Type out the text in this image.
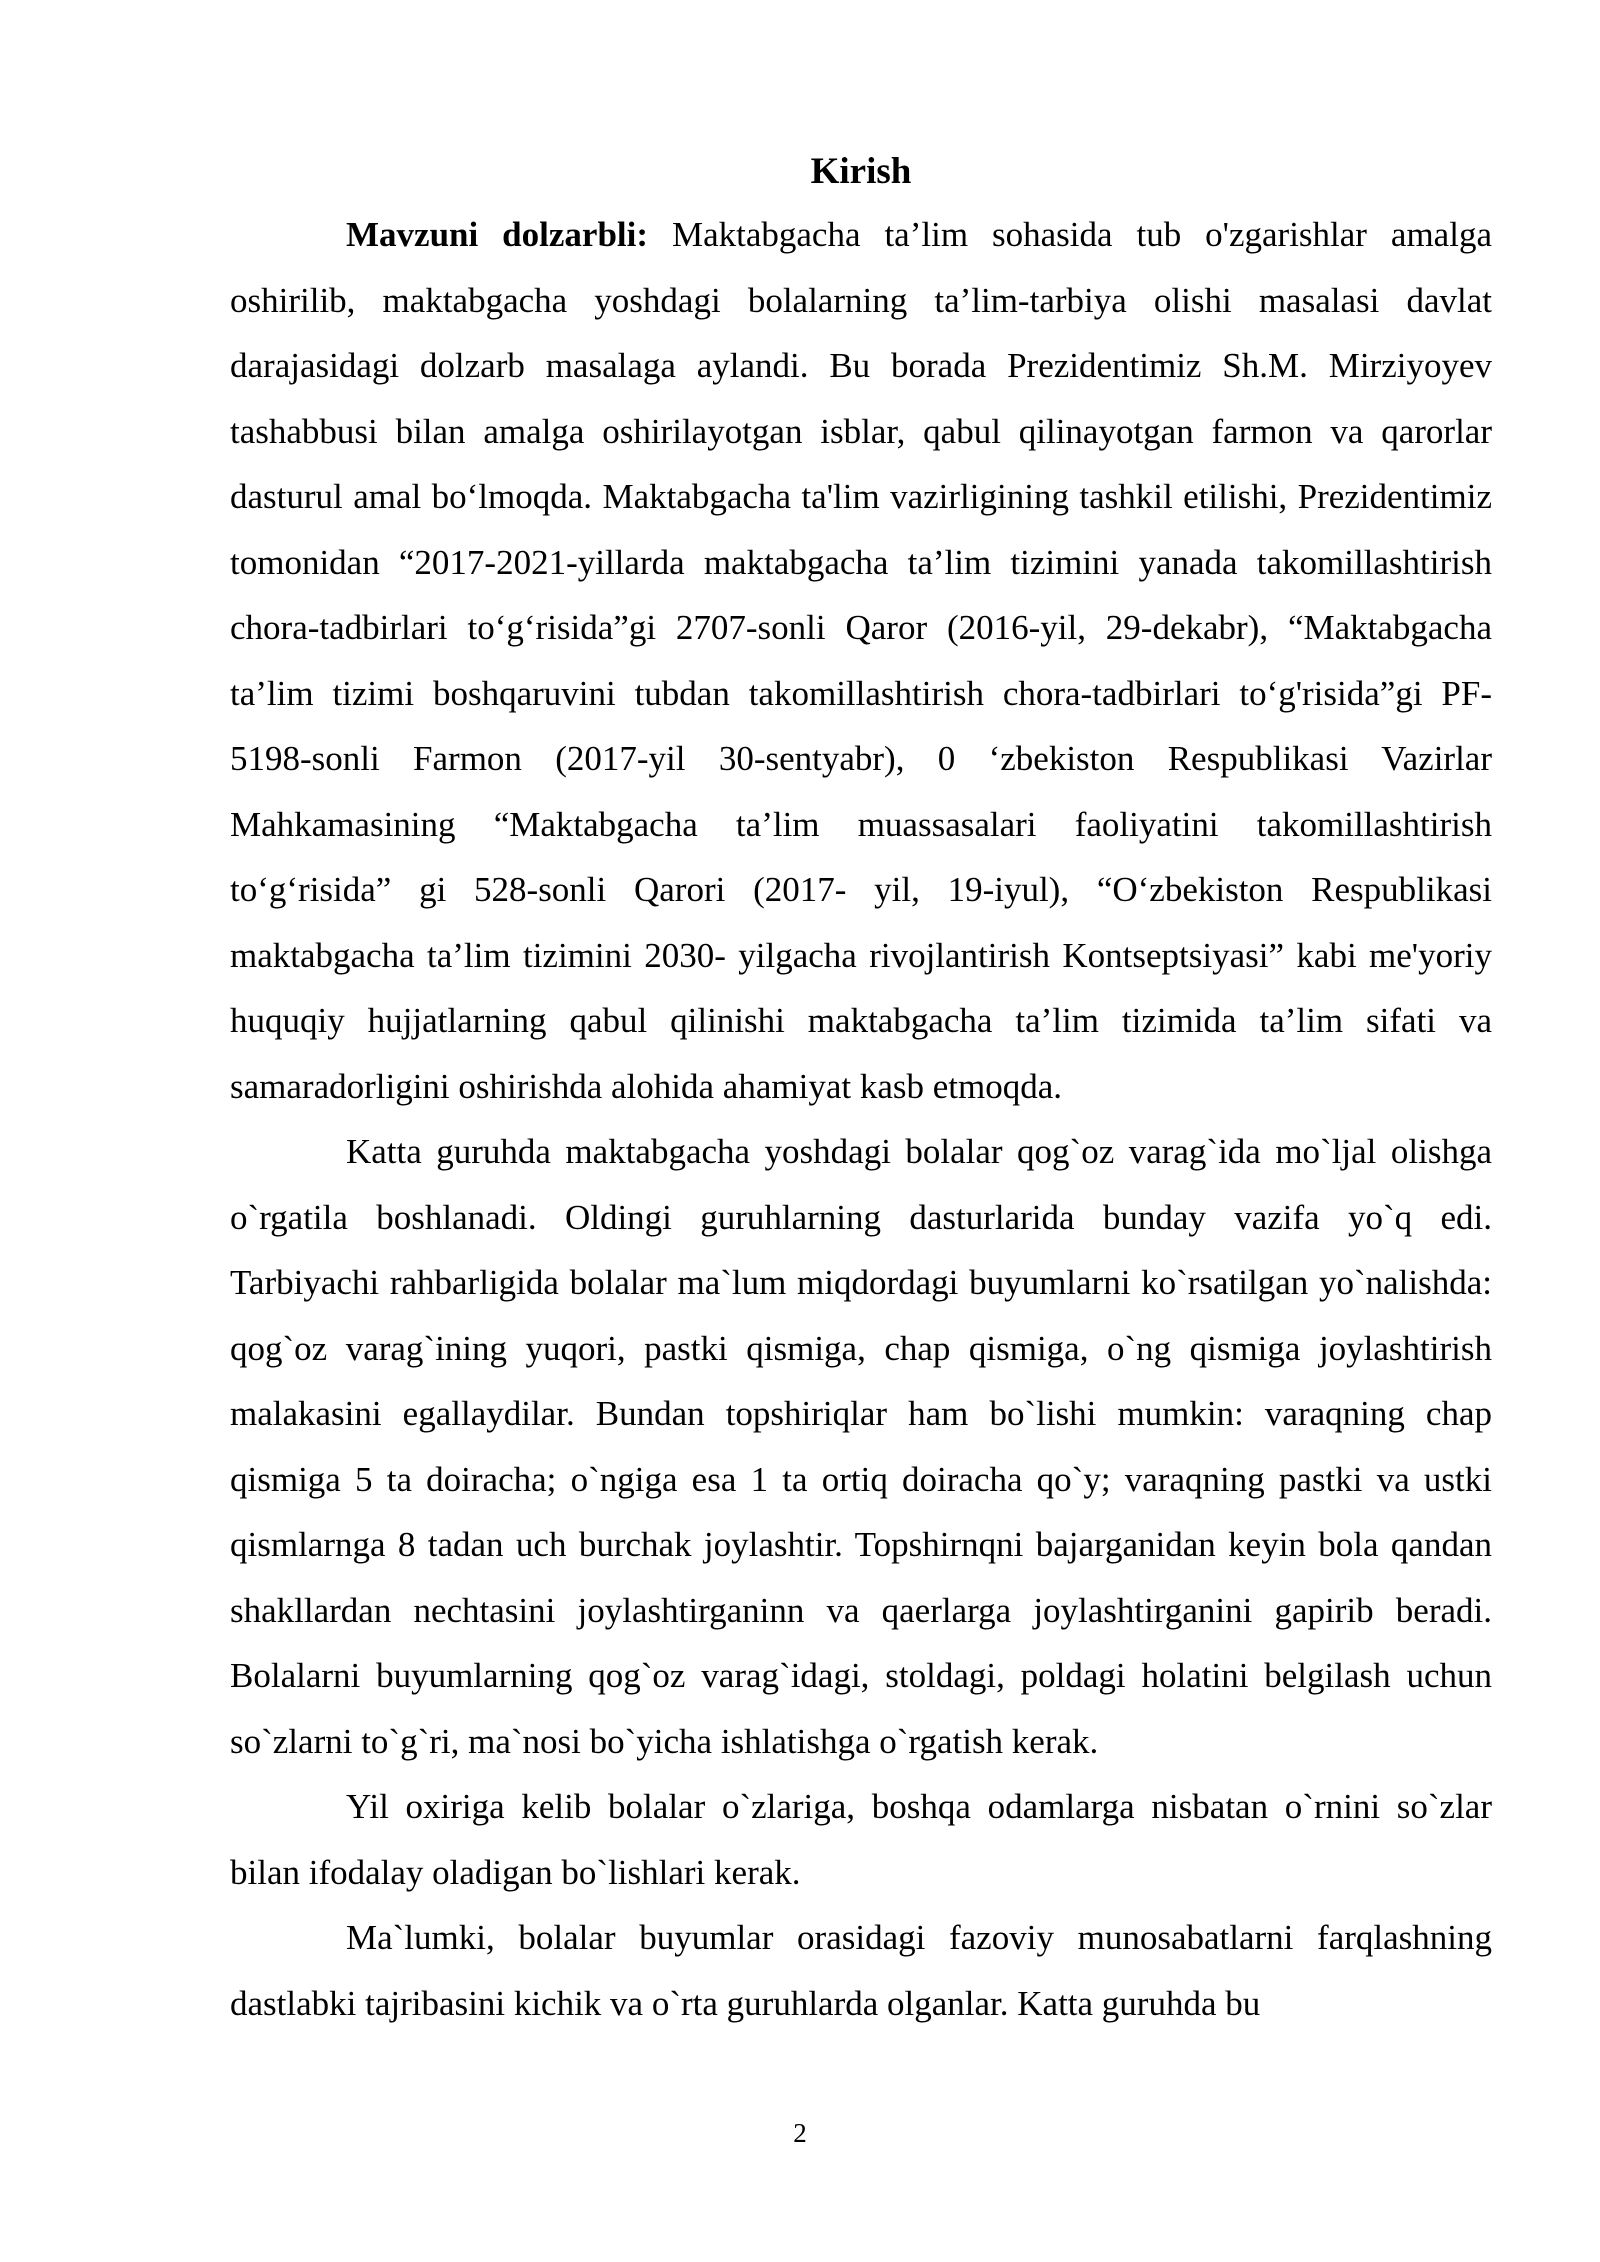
Kirish

Mavzuni dolzarbli: Maktabgacha ta’lim sohasida tub o'zgarishlar amalga oshirilib, maktabgacha yoshdagi bolalarning ta’lim-tarbiya olishi masalasi davlat darajasidagi dolzarb masalaga aylandi. Bu borada Prezidentimiz Sh.M. Mirziyoyev tashabbusi bilan amalga oshirilayotgan isblar, qabul qilinayotgan farmon va qarorlar dasturul amal bo‘lmoqda. Maktabgacha ta'lim vazirligining tashkil etilishi, Prezidentimiz tomonidan “2017-2021-yillarda maktabgacha ta’lim tizimini yanada takomillashtirish chora-tadbirlari to‘g‘risida”gi 2707-sonli Qaror (2016-yil, 29-dekabr), “Maktabgacha ta’lim tizimi boshqaruvini tubdan takomillashtirish chora-tadbirlari to‘g'risida”gi PF-5198-sonli Farmon (2017-yil 30-sentyabr), 0 ‘zbekiston Respublikasi Vazirlar Mahkamasining “Maktabgacha ta’lim muassasalari faoliyatini takomillashtirish to‘g‘risida” gi 528-sonli Qarori (2017- yil, 19-iyul), “O‘zbekiston Respublikasi maktabgacha ta’lim tizimini 2030- yilgacha rivojlantirish Kontseptsiyasi” kabi me'yoriy huquqiy hujjatlarning qabul qilinishi maktabgacha ta’lim tizimida ta’lim sifati va samaradorligini oshirishda alohida ahamiyat kasb etmoqda.

Katta guruhda maktabgacha yoshdagi bolalar qog`oz varag`ida mo`ljal olishga o`rgatila boshlanadi. Oldingi guruhlarning dasturlarida bunday vazifa yo`q edi. Tarbiyachi rahbarligida bolalar ma`lum miqdordagi buyumlarni ko`rsatilgan yo`nalishda: qog`oz varag`ining yuqori, pastki qismiga, chap qismiga, o`ng qismiga joylashtirish malakasini egallaydilar. Bundan topshiriqlar ham bo`lishi mumkin: varaqning chap qismiga 5 ta doiracha; o`ngiga esa 1 ta ortiq doiracha qo`y; varaqning pastki va ustki qismlarnga 8 tadan uch burchak joylashtir. Topshirnqni bajarganidan keyin bola qandan shakllardan nechtasini joylashtirganinn va qaerlarga joylashtirganini gapirib beradi. Bolalarni buyumlarning qog`oz varag`idagi, stoldagi, poldagi holatini belgilash uchun so`zlarni to`g`ri, ma`nosi bo`yicha ishlatishga o`rgatish kerak.

Yil oxiriga kelib bolalar o`zlariga, boshqa odamlarga nisbatan o`rnini so`zlar bilan ifodalay oladigan bo`lishlari kerak.

Ma`lumki, bolalar buyumlar orasidagi fazoviy munosabatlarni farqlashning dastlabki tajribasini kichik va o`rta guruhlarda olganlar. Katta guruhda bu

2
